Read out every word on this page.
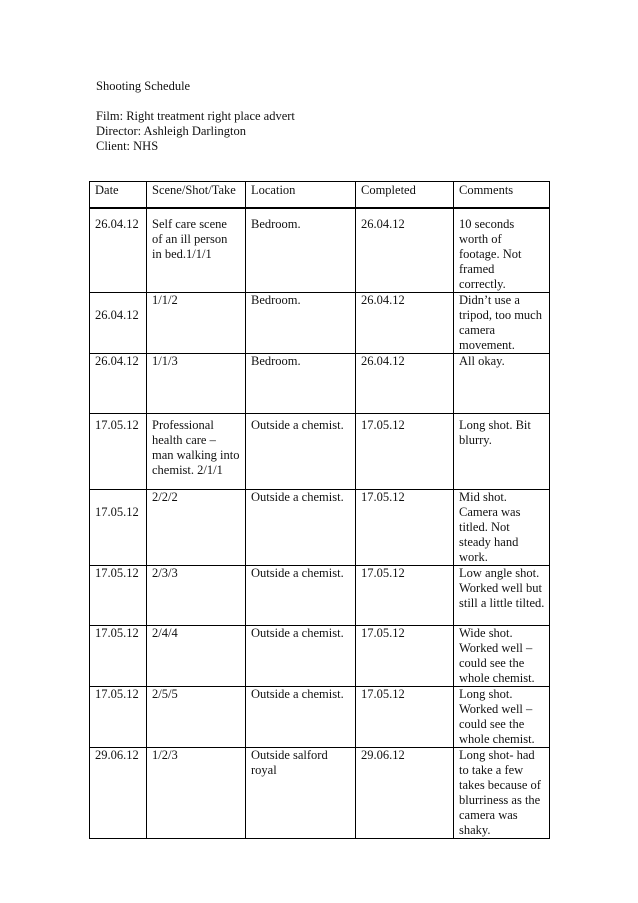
Shooting Schedule
Film: Right treatment right place advert
Director: Ashleigh Darlington
Client: NHS
Date	Scene/Shot/Take	Location	Completed	Comments

26.04.12	Self care scene of an ill person in bed.1/1/1	Bedroom.	26.04.12	10 seconds worth of footage. Not framed correctly.

26.04.12	1/1/2	Bedroom.	26.04.12	Didn’t use a tripod, too much camera movement.
26.04.12	1/1/3	Bedroom.	26.04.12	All okay.
17.05.12	Professional health care – man walking into chemist. 2/1/1	Outside a chemist.	17.05.12	Long shot. Bit blurry.

17.05.12	2/2/2	Outside a chemist.	17.05.12	Mid shot. Camera was titled. Not steady hand work.
17.05.12	2/3/3	Outside a chemist.	17.05.12	Low angle shot. Worked well but still a little tilted.

17.05.12	2/4/4	Outside a chemist.	17.05.12	Wide shot. Worked well – could see the whole chemist.
17.05.12	2/5/5	Outside a chemist.	17.05.12	Long shot. Worked well – could see the whole chemist.
29.06.12	1/2/3	Outside salford royal	29.06.12	Long shot- had to take a few takes because of blurriness as the camera was shaky.
